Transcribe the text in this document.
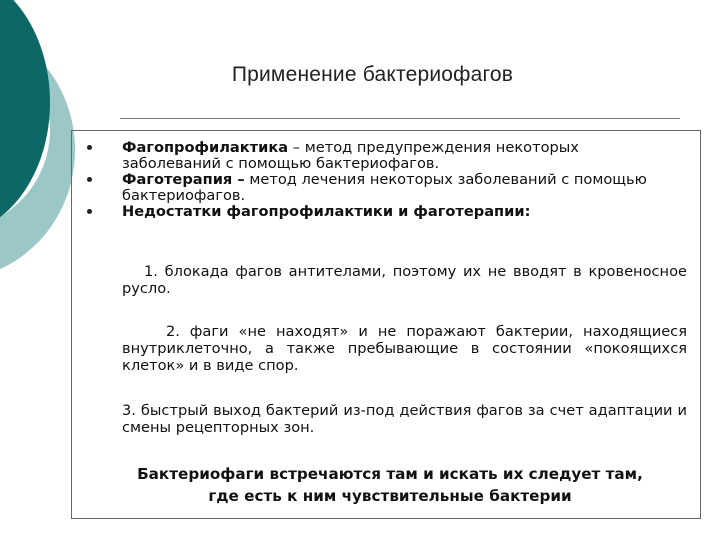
Применение бактериофагов

Фагопрофилактика – метод предупреждения некоторых заболеваний с помощью бактериофагов.

Фаготерапия – метод лечения некоторых заболеваний с помощью бактериофагов.

Недостатки фагопрофилактики и фаготерапии:

1. блокада фагов антителами, поэтому их не вводят в кровеносное русло.
2. фаги «не находят» и не поражают бактерии, находящиеся внутриклеточно, а также пребывающие в состоянии «покоящихся клеток» и в виде спор.
3. быстрый выход бактерий из-под действия фагов за счет адаптации и смены рецепторных зон.
Бактериофаги встречаются там и искать их следует там,
где есть к ним чувствительные бактерии
